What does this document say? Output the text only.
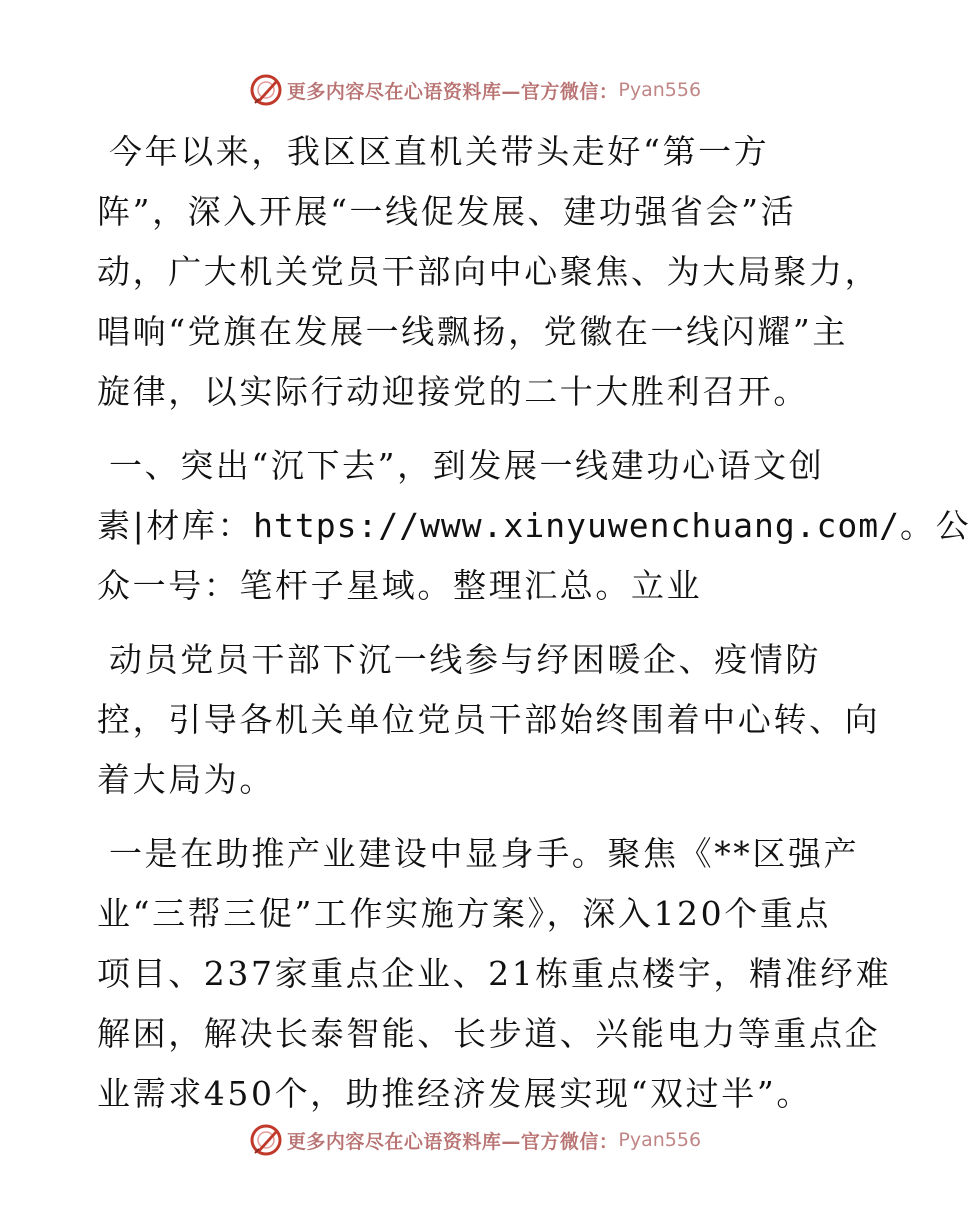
更多内容尽在心语资料库—官方微信： Pyan556
今年以来，我区区直机关带头走好“第一方
阵”，深入开展“一线促发展、建功强省会”活
动，广大机关党员干部向中心聚焦、为大局聚力，
唱响“党旗在发展一线飘扬，党徽在一线闪耀”主
旋律，以实际行动迎接党的二十大胜利召开。
一、突出“沉下去”，到发展一线建功心语文创
素|材库：https://www.xinyuwenchuang.com/。公
众一号：笔杆子星域。整理汇总。立业
动员党员干部下沉一线参与纾困暖企、疫情防
控，引导各机关单位党员干部始终围着中心转、向
着大局为。
一是在助推产业建设中显身手。聚焦《**区强产
业“三帮三促”工作实施方案》，深入120个重点
项目、237家重点企业、21栋重点楼宇，精准纾难
解困，解决长泰智能、长步道、兴能电力等重点企
业需求450个，助推经济发展实现“双过半”。
更多内容尽在心语资料库—官方微信： Pyan556
